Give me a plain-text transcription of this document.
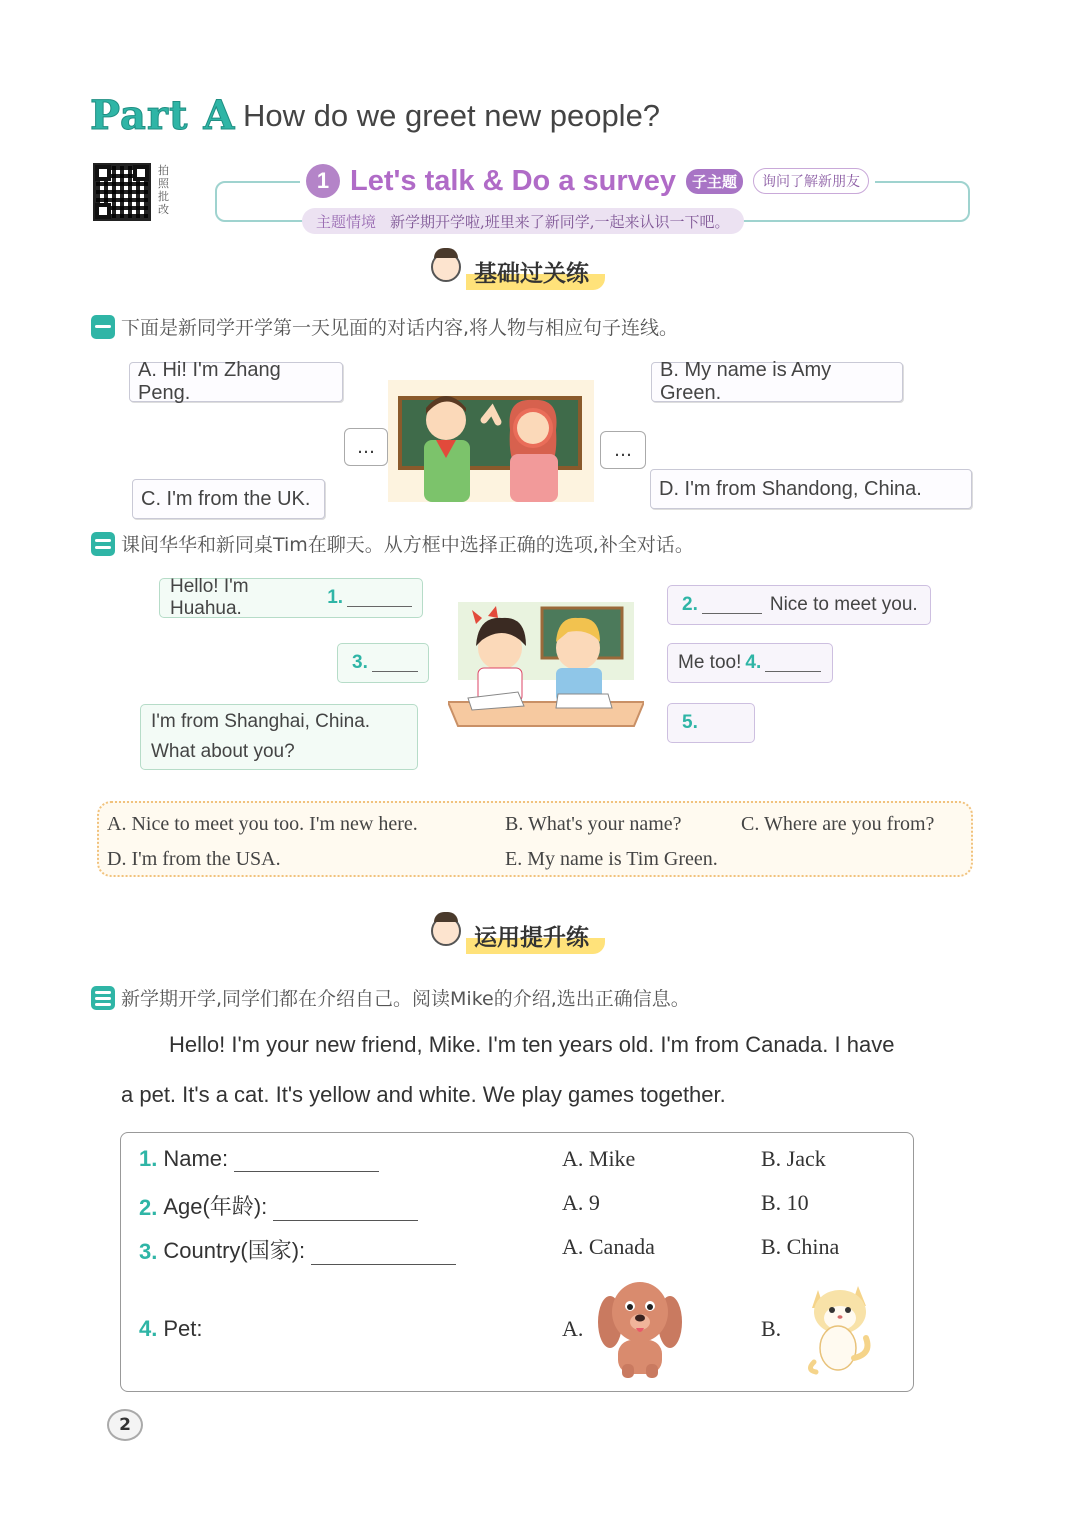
Part A How do we greet new people?
拍照批改
1 Let's talk & Do a survey	子主题	询问了解新朋友
主题情境 新学期开学啦,班里来了新同学,一起来认识一下吧。
基础过关练
下面是新同学开学第一天见面的对话内容,将人物与相应句子连线。
A. Hi! I'm Zhang Peng.
B. My name is Amy Green.
C. I'm from the UK.	D. I'm from Shandong, China.
…	…
课间华华和新同桌Tim在聊天。从方框中选择正确的选项,补全对话。
Hello! I'm Huahua.
1.	2.	Nice to meet you.
3.	Me too! 4.
I'm from Shanghai, China.
What about you?
5.
A. Nice to meet you too. I'm new here.	B. What's your name?	C. Where are you from?
D. I'm from the USA.	E. My name is Tim Green.
运用提升练
新学期开学,同学们都在介绍自己。阅读Mike的介绍,选出正确信息。
Hello! I'm your new friend, Mike. I'm ten years old. I'm from Canada. I have
a pet. It's a cat. It's yellow and white. We play games together.
1. Name:	A. Mike	B. Jack
2. Age(年龄):	A. 9	B. 10
3. Country(国家):	A. Canada	B. China
4. Pet:	A.	B.
2
